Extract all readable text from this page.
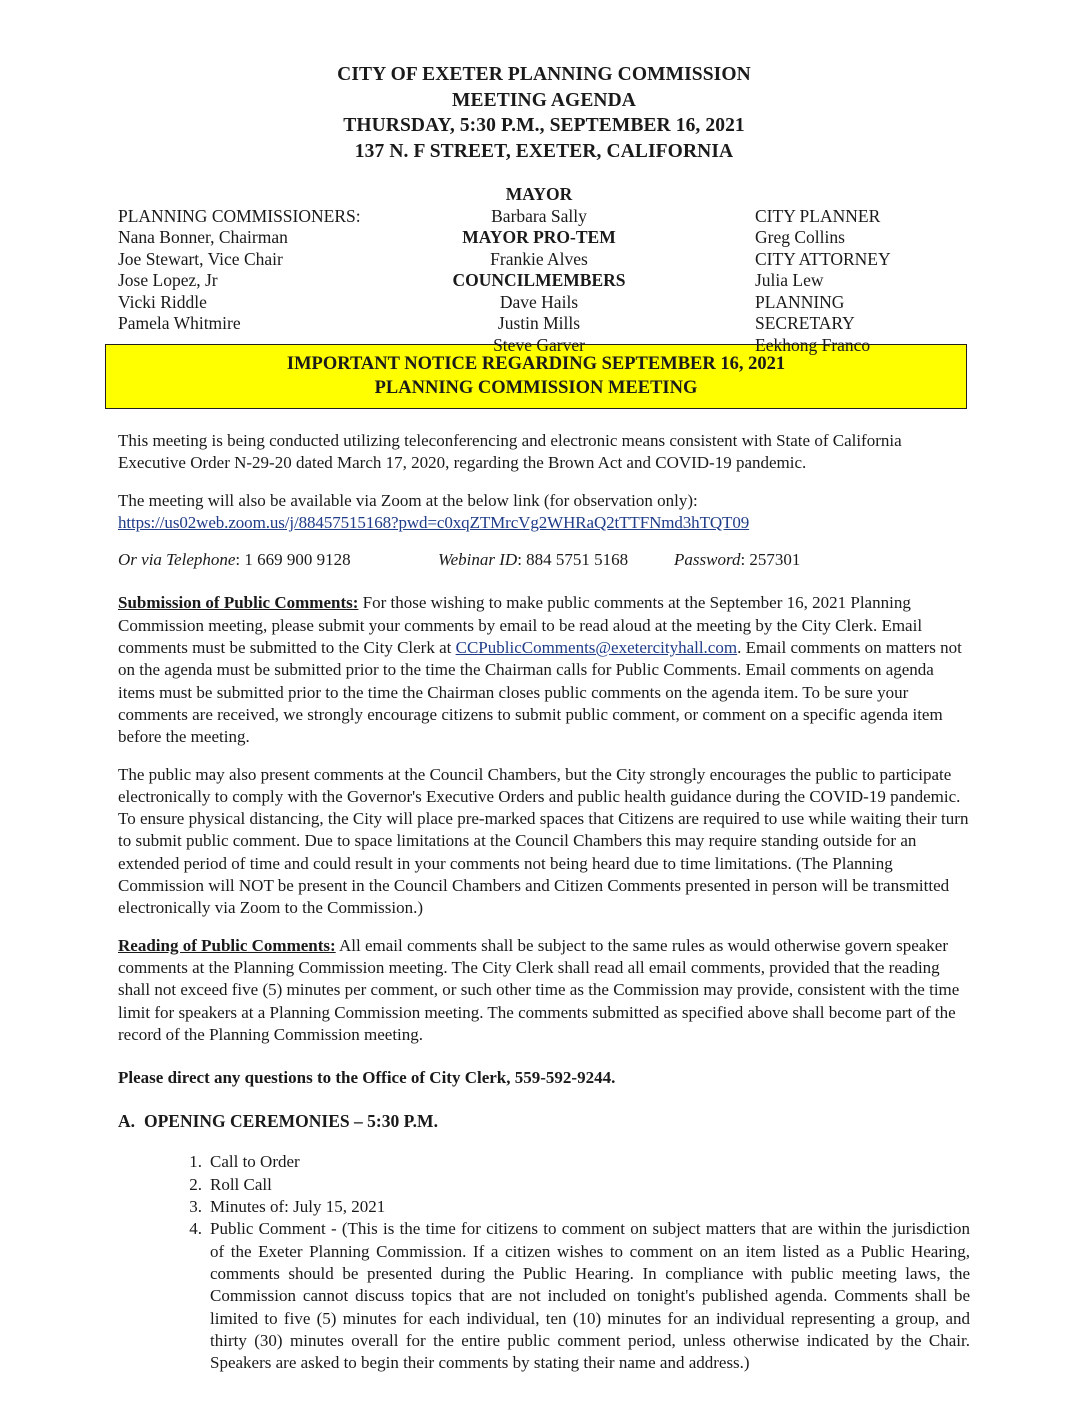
CITY OF EXETER PLANNING COMMISSION
MEETING AGENDA
THURSDAY, 5:30 P.M., SEPTEMBER 16, 2021
137 N. F STREET, EXETER, CALIFORNIA
PLANNING COMMISSIONERS:
Nana Bonner, Chairman
Joe Stewart, Vice Chair
Jose Lopez, Jr
Vicki Riddle
Pamela Whitmire
MAYOR
Barbara Sally
MAYOR PRO-TEM
Frankie Alves
COUNCILMEMBERS
Dave Hails
Justin Mills
Steve Garver
CITY PLANNER
Greg Collins
CITY ATTORNEY
Julia Lew
PLANNING
SECRETARY
Eekhong Franco
IMPORTANT NOTICE REGARDING SEPTEMBER 16, 2021
PLANNING COMMISSION MEETING

This meeting is being conducted utilizing teleconferencing and electronic means consistent with State of California Executive Order N-29-20 dated March 17, 2020, regarding the Brown Act and COVID-19 pandemic.

The meeting will also be available via Zoom at the below link (for observation only):

https://us02web.zoom.us/j/88457515168?pwd=c0xqZTMrcVg2WHRaQ2tTTFNmd3hTQT09

Or via Telephone: 1 669 900 9128	Webinar ID: 884 5751 5168	Password: 257301

Submission of Public Comments: For those wishing to make public comments at the September 16, 2021 Planning Commission meeting, please submit your comments by email to be read aloud at the meeting by the City Clerk. Email comments must be submitted to the City Clerk at CCPublicComments@exetercityhall.com. Email comments on matters not on the agenda must be submitted prior to the time the Chairman calls for Public Comments. Email comments on agenda items must be submitted prior to the time the Chairman closes public comments on the agenda item. To be sure your comments are received, we strongly encourage citizens to submit public comment, or comment on a specific agenda item before the meeting.

The public may also present comments at the Council Chambers, but the City strongly encourages the public to participate electronically to comply with the Governor's Executive Orders and public health guidance during the COVID-19 pandemic. To ensure physical distancing, the City will place pre-marked spaces that Citizens are required to use while waiting their turn to submit public comment. Due to space limitations at the Council Chambers this may require standing outside for an extended period of time and could result in your comments not being heard due to time limitations. (The Planning Commission will NOT be present in the Council Chambers and Citizen Comments presented in person will be transmitted electronically via Zoom to the Commission.)

Reading of Public Comments: All email comments shall be subject to the same rules as would otherwise govern speaker comments at the Planning Commission meeting. The City Clerk shall read all email comments, provided that the reading shall not exceed five (5) minutes per comment, or such other time as the Commission may provide, consistent with the time limit for speakers at a Planning Commission meeting. The comments submitted as specified above shall become part of the record of the Planning Commission meeting.

Please direct any questions to the Office of City Clerk, 559-592-9244.

A. OPENING CEREMONIES – 5:30 P.M.
1. Call to Order
2. Roll Call
3. Minutes of: July 15, 2021
4. Public Comment - (This is the time for citizens to comment on subject matters that are within the jurisdiction of the Exeter Planning Commission. If a citizen wishes to comment on an item listed as a Public Hearing, comments should be presented during the Public Hearing. In compliance with public meeting laws, the Commission cannot discuss topics that are not included on tonight's published agenda. Comments shall be limited to five (5) minutes for each individual, ten (10) minutes for an individual representing a group, and thirty (30) minutes overall for the entire public comment period, unless otherwise indicated by the Chair. Speakers are asked to begin their comments by stating their name and address.)
